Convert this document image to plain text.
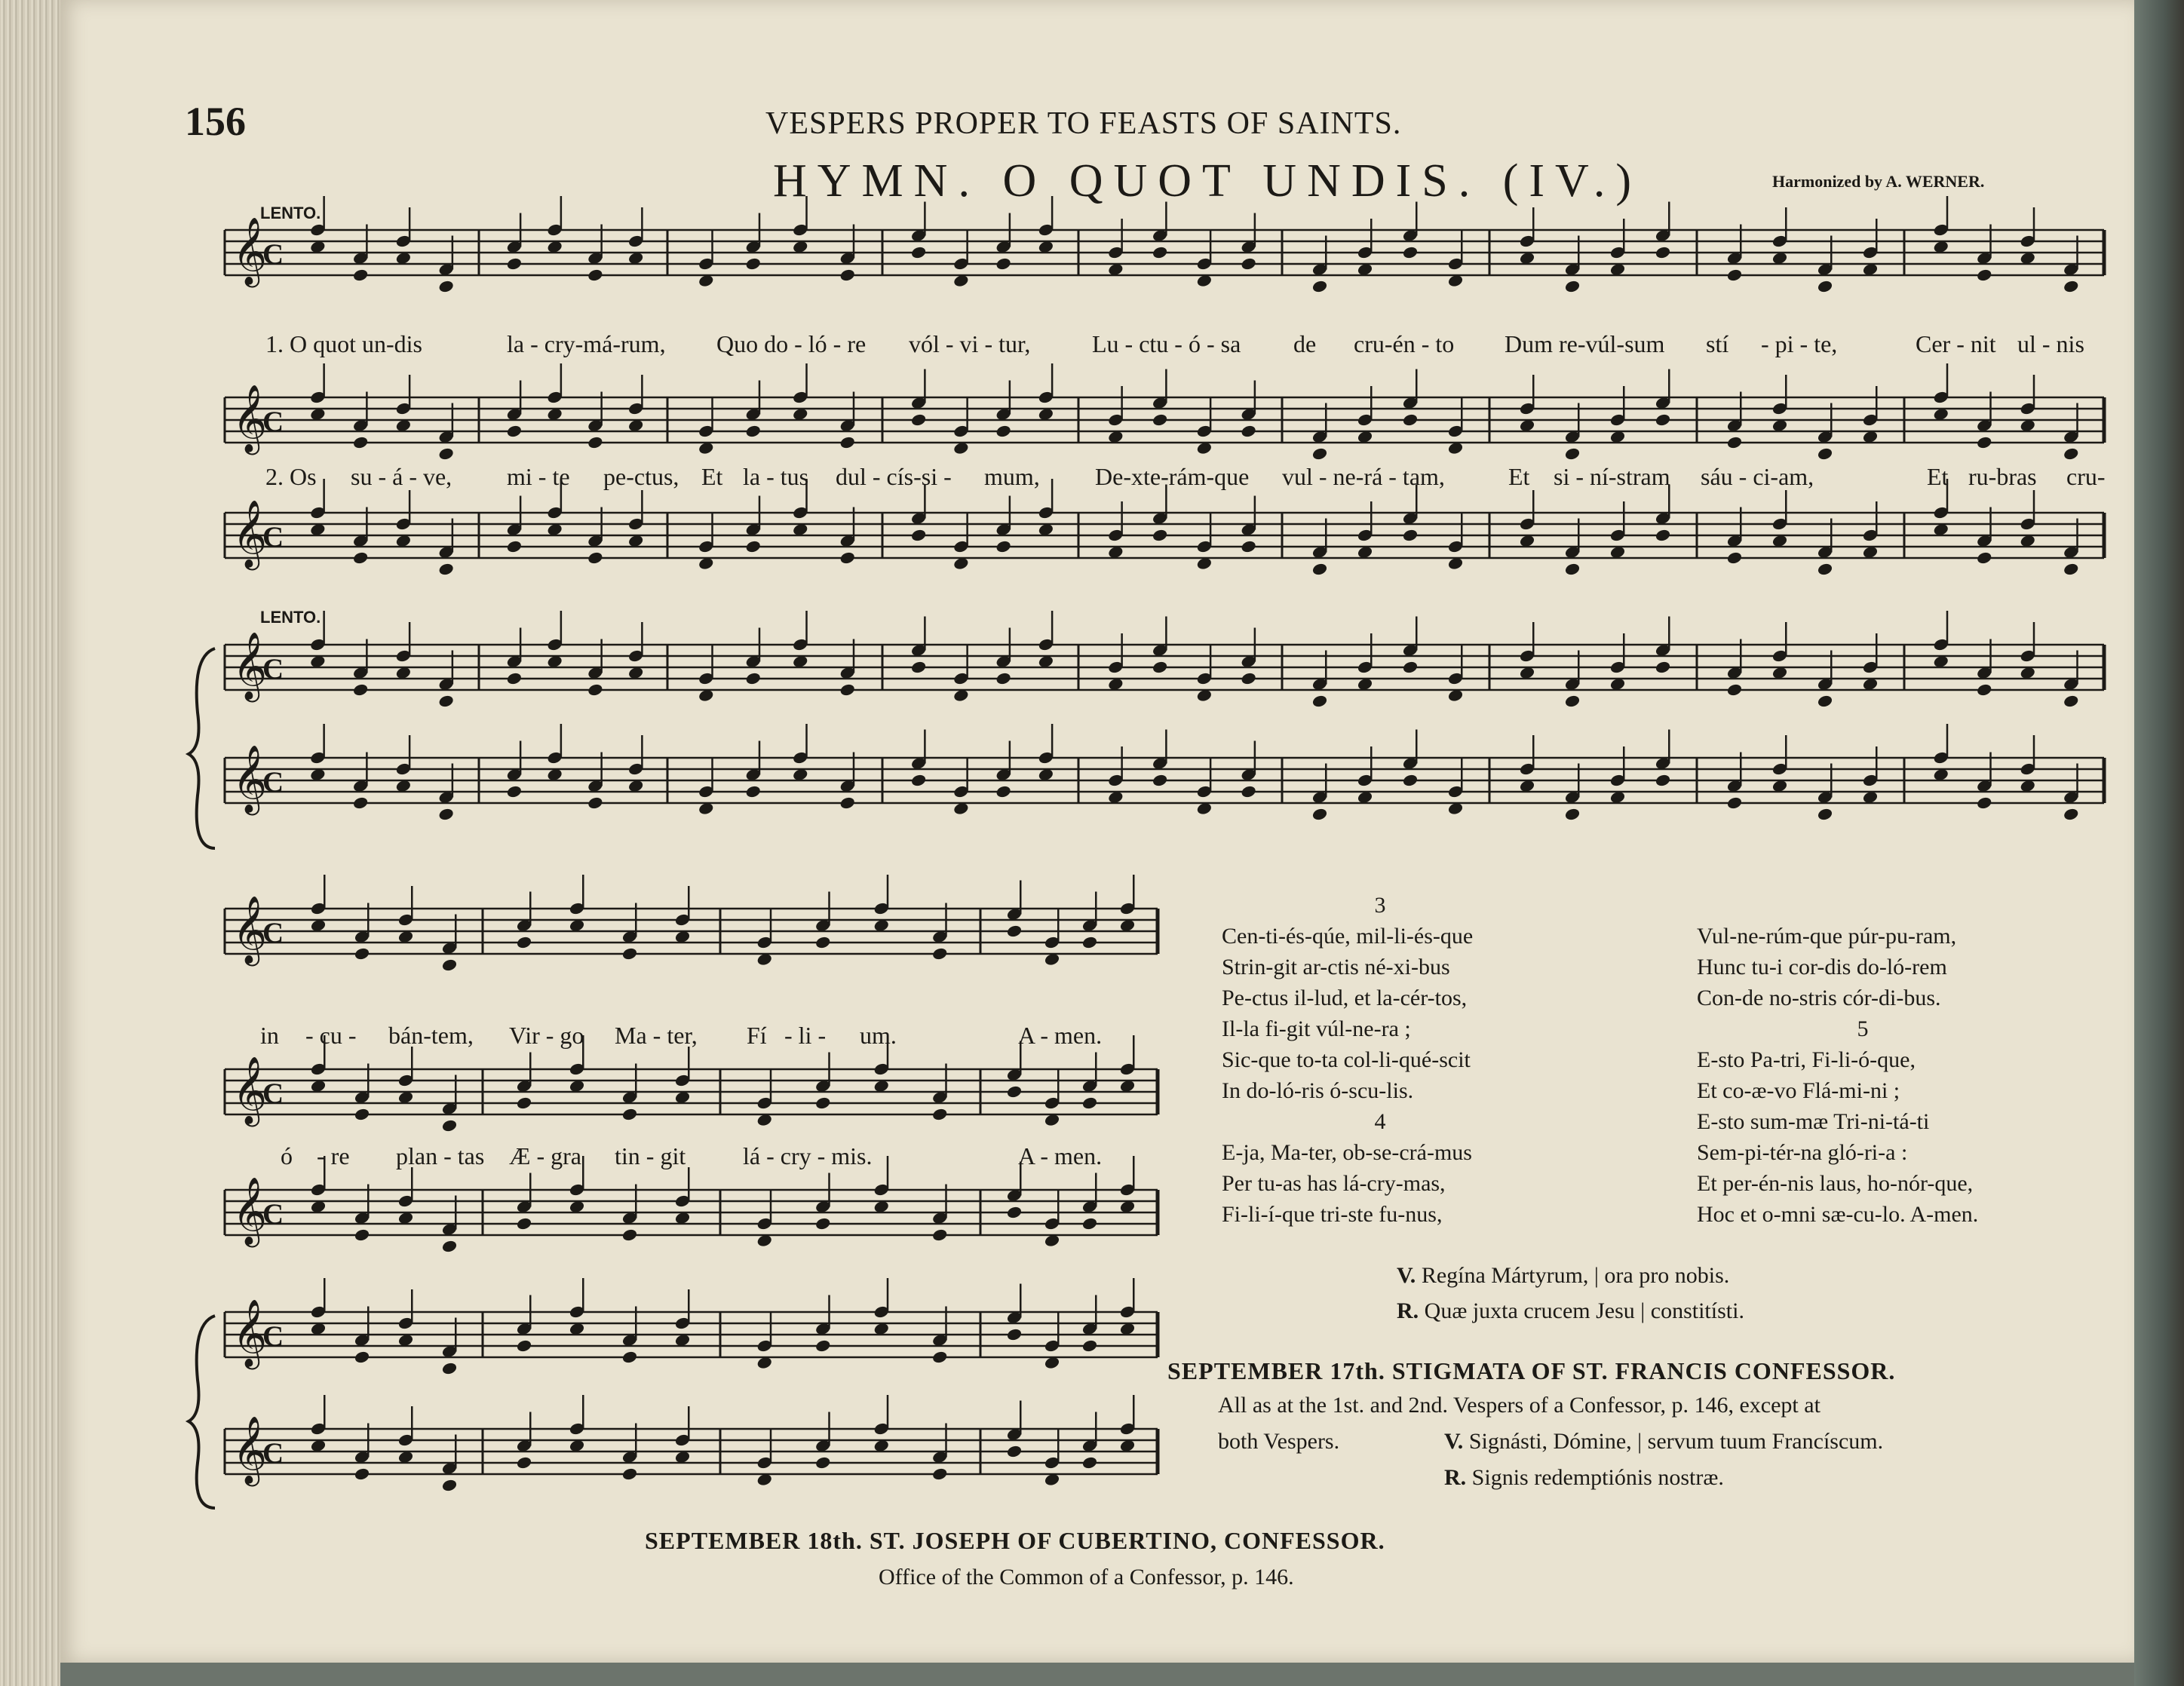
𝄞
C
𝄞
C
𝄞
C
𝄞
C
𝄞
C
𝄞
C
𝄞
C
𝄞
C
𝄞
C
𝄞
C
156	VESPERS PROPER TO FEASTS OF SAINTS.
HYMN. O QUOT UNDIS. (IV.)	Harmonized by A. WERNER.
LENTO.
LENTO.
1. O quot un-dis	la - cry-má-rum, Quo do - ló - re vól - vi - tur,	Lu - ctu - ó - sa de cru-én - to Dum re-vúl-sum stí - pi - te,	Cer - nit ul - nis
2. Os su - á - ve, mi - te pe-ctus, Et la - tus dul - cís-si - mum, De-xte-rám-que vul - ne-rá - tam,	Et si - ní-stram sáu - ci-am,	Et ru-bras cru-
in - cu - bán-tem, Vir - go Ma - ter, Fí - li - um.	A - men.
ó - re plan - tas Æ - gra tin - git lá - cry - mis.	A - men.
3
Cen-ti-és-qúe, mil-li-és-que
Strin-git ar-ctis né-xi-bus
Pe-ctus il-lud, et la-cér-tos,
Il-la fi-git vúl-ne-ra ;
Sic-que to-ta col-li-qué-scit
In do-ló-ris ó-scu-lis.
4
E-ja, Ma-ter, ob-se-crá-mus
Per tu-as has lá-cry-mas,
Fi-li-í-que tri-ste fu-nus,
Vul-ne-rúm-que púr-pu-ram,
Hunc tu-i cor-dis do-ló-rem
Con-de no-stris cór-di-bus.
5
E-sto Pa-tri, Fi-li-ó-que,
Et co-æ-vo Flá-mi-ni ;
E-sto sum-mæ Tri-ni-tá-ti
Sem-pi-tér-na gló-ri-a :
Et per-én-nis laus, ho-nór-que,
Hoc et o-mni sæ-cu-lo. A-men.
V. Regína Mártyrum, | ora pro nobis.
R. Quæ juxta crucem Jesu | constitísti.
SEPTEMBER 17th. STIGMATA OF ST. FRANCIS CONFESSOR.
All as at the 1st. and 2nd. Vespers of a Confessor, p. 146, except at
both Vespers.	V. Signásti, Dómine, | servum tuum Francíscum.
R. Signis redemptiónis nostræ.
SEPTEMBER 18th. ST. JOSEPH OF CUBERTINO, CONFESSOR.
Office of the Common of a Confessor, p. 146.
